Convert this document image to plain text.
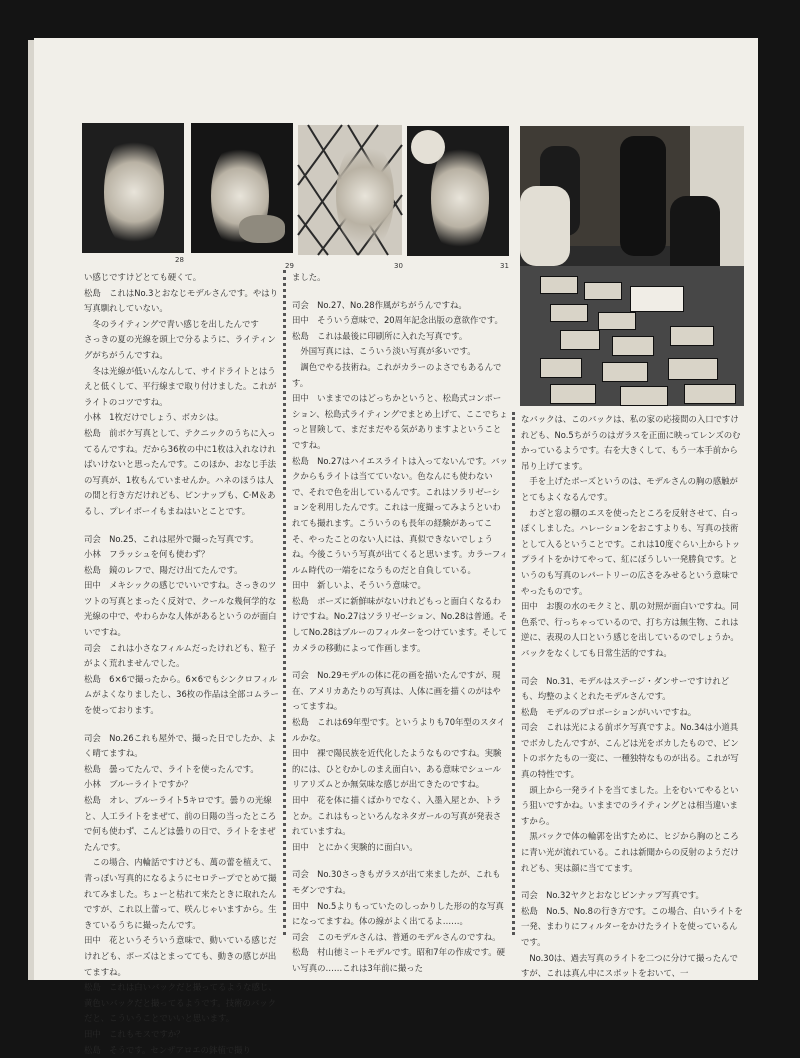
28
29	30	31
い感じですけどとても硬くて。
松島　これはNo.3とおなじモデルさんです。やはり写真馴れしていない。
　冬のライティングで青い感じを出したんです
さっきの夏の光線を頭上で分るように、ライティングがちがうんですね。
　冬は光線が低いんなんして、サイドライトとはうえと低くして、平行線まで取り付けました。これがライトのコツですね。
小林　1枚だけでしょう、ボカシは。
松島　前ボケ写真として、テクニックのうちに入ってるんですね。だから36枚の中に1枚は入れなければいけないと思ったんです。このほか、おなじ手法の写真が、1枚もんていませんか。ハネのほうは人の間と行き方だけれども、ピンナップも、C·M＆あるし、プレイボーイもまねはいとことです。
司会　No.25、これは屋外で撮った写真です。
小林　フラッシュを何も使わず？
松島　鏡のレフで、陽だけ出てたんです。
田中　メキシックの感じでいいですね。さっきのツツトの写真とまったく反対で、クールな幾何学的な光線の中で、やわらかな人体があるというのが面白いですね。
司会　これは小さなフィルムだったけれども、粒子がよく荒れませんでした。
松島　6×6で撮ったから。6×6でもシンクロフィルムがよくなりましたし、36枚の作品は全部コムラーを使っております。
司会　No.26これも屋外で、撮った日でしたか、よく晴てますね。
松島　曇ってたんで、ライトを使ったんです。
小林　ブルーライトですか？
松島　オレ、ブルーライト5キロです。曇りの光線と、人工ライトをまぜて、前の日陽の当ったところで何も使わず、こんどは曇りの日で、ライトをまぜたんです。
　この場合、内輪話ですけども、萬の蕾を植えて、青っぽい写真的になるようにセロテープでとめて撮れてみました。ちょーと枯れて来たときに取れたんですが、これ以上蕾って、咲んじゃいますから。生きているうちに撮ったんです。
田中　花というそういう意味で、動いている感じだけれども、ポーズはとまってても、動きの感じが出てますね。
松島　これは白いバックだと撮ってるような感じ、黄色いバックだと撮ってるようです。技術のバックだと、こういうことでいいと思います。
田中　これもモスですか？
松島　そうです。センザアロエの鉢植で撮り
ました。
司会　No.27、No.28作風がちがうんですね。
田中　そういう意味で、20周年記念出版の意欲作です。
松島　これは最後に印刷所に入れた写真です。
　外国写真には、こういう淡い写真が多いです。
　調色でやる技術ね。これがカラーのよさでもあるんです。
田中　いままでのはどっちかというと、松島式コンポーション、松島式ライティングでまとめ上げて、ここでちょっと冒険して、まだまだやる気がありますよということですね。
松島　No.27はハイエスライトは入ってないんです。バックからもライトは当てていない。色なんにも使わないで、それで色を出しているんです。これはソラリゼーションを利用したんです。これは一度撮ってみようといわれても撮れます。こういうのも長年の経験があってこそ、やったことのない人には、真似できないでしょうね。今後こういう写真が出てくると思います。カラーフィルム時代の一端をになうものだと自負している。
田中　新しいよ、そういう意味で。
松島　ポーズに新鮮味がないけれどもっと面白くなるわけですね。No.27はソラリゼーション、No.28は普通。そしてNo.28はブルーのフィルターをつけています。そしてカメラの移動によって作画します。
司会　No.29モデルの体に花の画を描いたんですが、現在、アメリカあたりの写真は、人体に画を描くのがはやってますね。
松島　これは69年型です。というよりも70年型のスタイルかな。
田中　裸で陽民族を近代化したようなものですね。実験的には、ひとむかしのまえ面白い、ある意味でシュールリアリズムとか無気味な感じが出てきたのですね。
田中　花を体に描くばかりでなく、入墨入屋とか、トラとか。これはもっといろんなネタガールの写真が発表されていますね。
田中　とにかく実験的に面白い。
司会　No.30さっきもガラスが出て来ましたが、これもモダンですね。
田中　No.5よりもっていたのしっかりした形の的な写真になってますね。体の線がよく出てるよ……。
司会　このモデルさんは、普通のモデルさんのですね。
松島　村山徳ミートモデルです。昭和7年の作成です。硬い写真の……これは3年前に撮った
なバックは、このバックは、私の家の応接間の入口ですけれども、No.5ちがうのはガラスを正面に映ってレンズのむかっているようです。右を大きくして、もう一本手前から吊り上げてます。
　手を上げたポーズというのは、モデルさんの胸の感触がとてもよくなるんです。
　わざと窓の棚のエスを使ったところを反射させて、白っぽくしました。ハレーションをおこすよりも、写真の技術として入るということです。これは10度ぐらい上からトップライトをかけてやって、紅にぼうしい一発勝負です。というのも写真のレパートリーの広さをみせるという意味でやったものです。
田中　お腹の水のモクミと、肌の対照が面白いですね。同色系で、行っちゃっているので、打ち方は無生物、これは逆に、表現の人口という感じを出しているのでしょうか。バックをなくしても日常生活的ですね。
司会　No.31、モデルはステージ・ダンサーですけれども、均整のよくとれたモデルさんです。
松島　モデルのプロポーションがいいですね。
司会　これは光による前ボケ写真ですよ。No.34は小道具でボカしたんですが、こんどは光をボカしたもので、ピントのボケたもの一変に、一種独特なものが出る。これが写真の特性です。
　頭上から一発ライトを当てました。上をむいてやるという狙いですかね。いままでのライティングとは相当違いますから。
　黒バックで体の輪郭を出すために、ヒジから胸のところに青い光が流れている。これは新聞からの反射のようだけれども、実は顔に当ててます。
司会　No.32ヤクとおなじピンナップ写真です。
松島　No.5、No.8の行き方です。この場合、白いライトを一発、まわりにフィルターをかけたライトを使っているんです。
　No.30は、過去写真のライトを二つに分けて撮ったんですが、これは真ん中にスポットをおいて、一
